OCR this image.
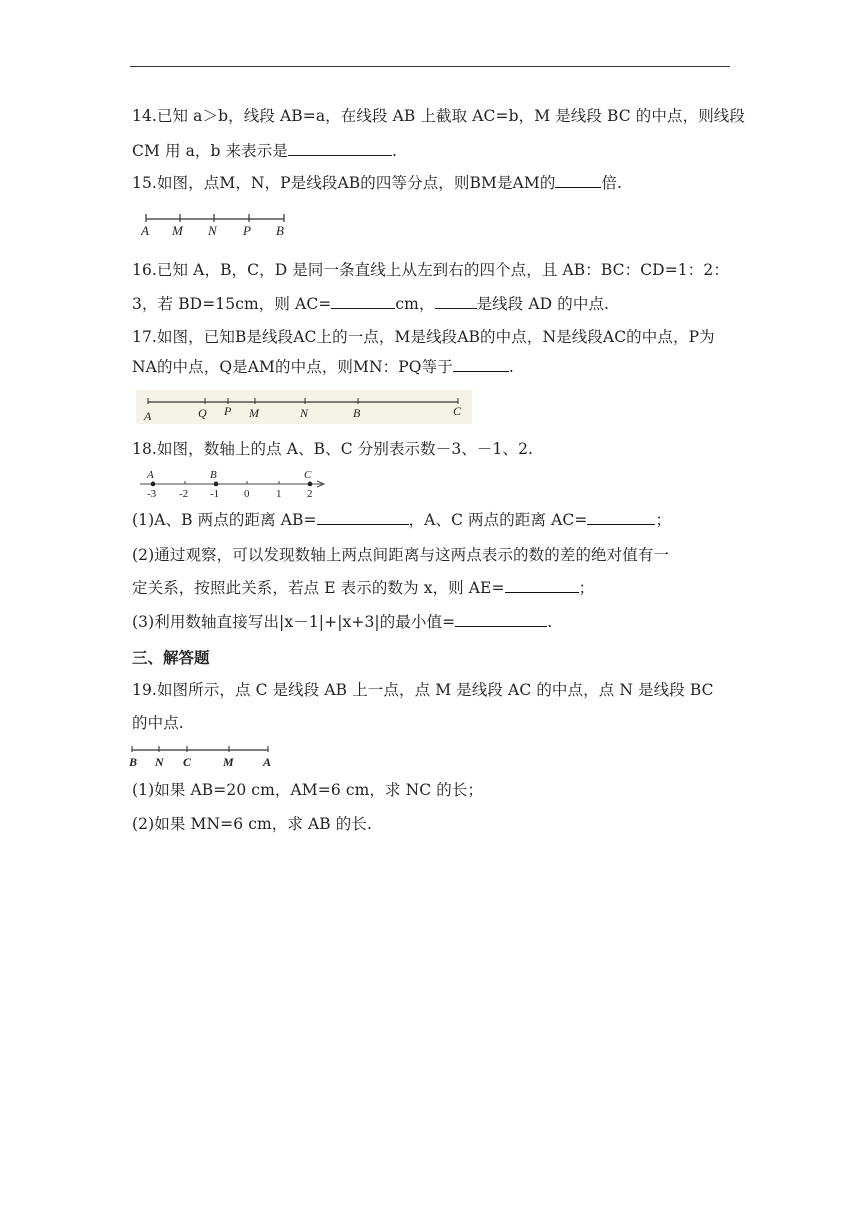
14.已知 a＞b，线段 AB=a，在线段 AB 上截取 AC=b，M 是线段 BC 的中点，则线段
CM 用 a，b 来表示是	.
15.如图，点M，N，P是线段AB的四等分点，则BM是AM的	倍.
A M N P B
16.已知 A，B，C，D 是同一条直线上从左到右的四个点，且 AB：BC：CD=1：2：
3，若 BD=15cm，则 AC=	cm，	是线段 AD 的中点.
17.如图，已知B是线段AC上的一点，M是线段AB的中点，N是线段AC的中点，P为
NA的中点，Q是AM的中点，则MN：PQ等于	.
A	Q P M	N	B	C
18.如图，数轴上的点 A、B、C 分别表示数－3、－1、2.
A	B	C
-3 -2 -1 0 1 2
(1)A、B 两点的距离 AB=	，A、C 两点的距离 AC=	；
(2)通过观察，可以发现数轴上两点间距离与这两点表示的数的差的绝对值有一
定关系，按照此关系，若点 E 表示的数为 x，则 AE=	；
(3)利用数轴直接写出|x－1|+|x+3|的最小值=	.
三、解答题
19.如图所示，点 C 是线段 AB 上一点，点 M 是线段 AC 的中点，点 N 是线段 BC
的中点.
B N C	M A
(1)如果 AB=20 cm，AM=6 cm，求 NC 的长；
(2)如果 MN=6 cm，求 AB 的长.
